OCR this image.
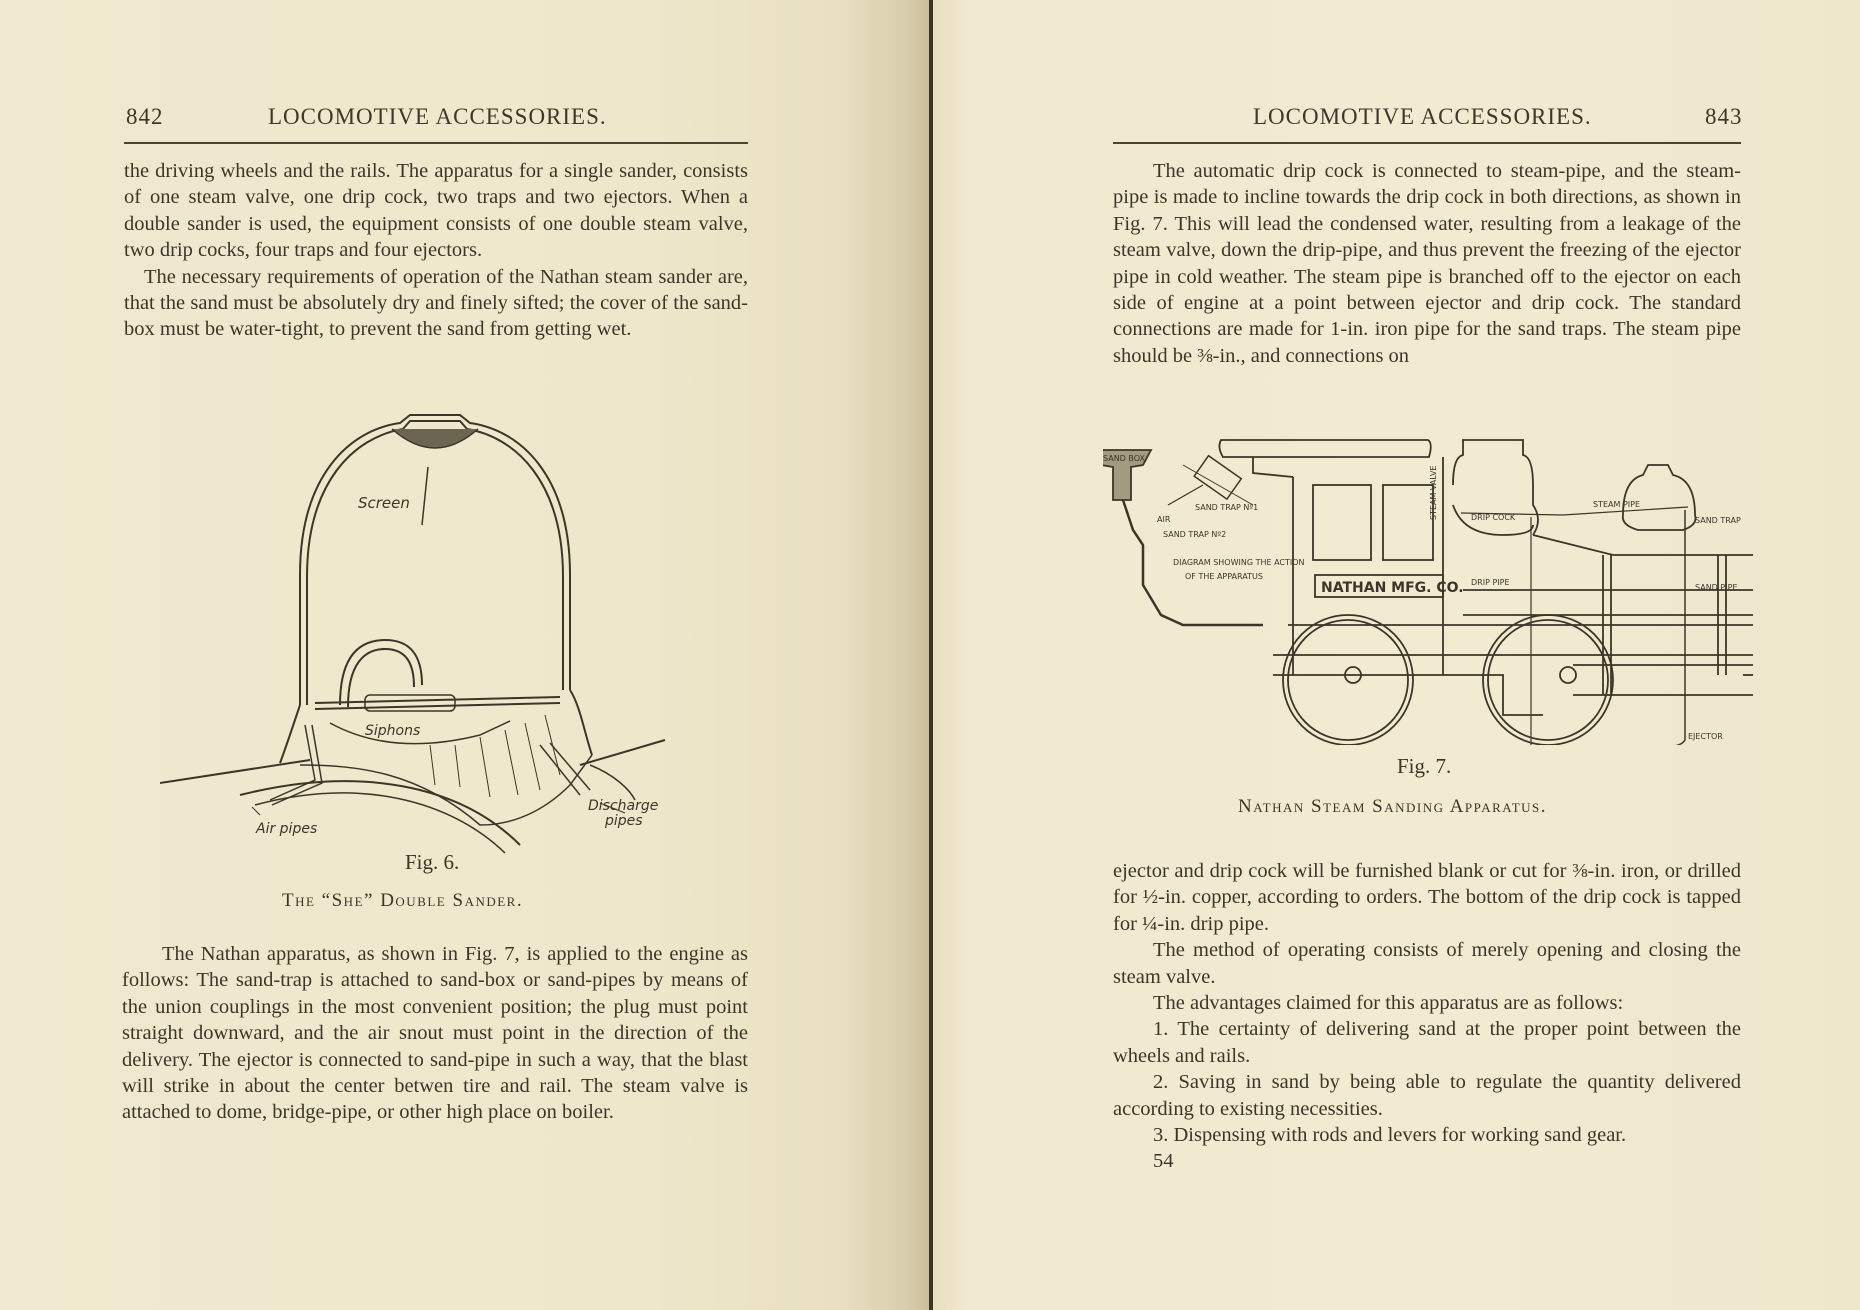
842	LOCOMOTIVE ACCESSORIES.

the driving wheels and the rails. The apparatus for a single sander, consists of one steam valve, one drip cock, two traps and two ejectors. When a double sander is used, the equipment consists of one double steam valve, two drip cocks, four traps and four ejectors.

The necessary requirements of operation of the Nathan steam sander are, that the sand must be absolutely dry and finely sifted; the cover of the sand-box must be water-tight, to prevent the sand from getting wet.

Screen
Siphons
Air pipes
Discharge
pipes
Fig. 6.
The “She” Double Sander.

The Nathan apparatus, as shown in Fig. 7, is applied to the engine as follows: The sand-trap is attached to sand-box or sand-pipes by means of the union couplings in the most convenient position; the plug must point straight downward, and the air snout must point in the direction of the delivery. The ejector is connected to sand-pipe in such a way, that the blast will strike in about the center betwen tire and rail. The steam valve is attached to dome, bridge-pipe, or other high place on boiler.

LOCOMOTIVE ACCESSORIES.	843

The automatic drip cock is connected to steam-pipe, and the steam-pipe is made to incline towards the drip cock in both directions, as shown in Fig. 7. This will lead the condensed water, resulting from a leakage of the steam valve, down the drip-pipe, and thus prevent the freezing of the ejector pipe in cold weather. The steam pipe is branched off to the ejector on each side of engine at a point between ejector and drip cock. The standard connections are made for 1-in. iron pipe for the sand traps. The steam pipe should be ⅜-in., and connections on

SAND BOX
SAND TRAP Nº1
AIR
SAND TRAP Nº2
DIAGRAM SHOWING THE ACTION
OF THE APPARATUS
DRIP COCK
DRIP PIPE
STEAM PIPE
SAND TRAP
SAND PIPE
EJECTOR
STEAM VALVE
NATHAN MFG. CO.
Fig. 7.
Nathan Steam Sanding Apparatus.

ejector and drip cock will be furnished blank or cut for ⅜-in. iron, or drilled for ½-in. copper, according to orders. The bottom of the drip cock is tapped for ¼-in. drip pipe.

The method of operating consists of merely opening and closing the steam valve.

The advantages claimed for this apparatus are as follows:

1. The certainty of delivering sand at the proper point between the wheels and rails.

2. Saving in sand by being able to regulate the quantity delivered according to existing necessities.

3. Dispensing with rods and levers for working sand gear.

54
